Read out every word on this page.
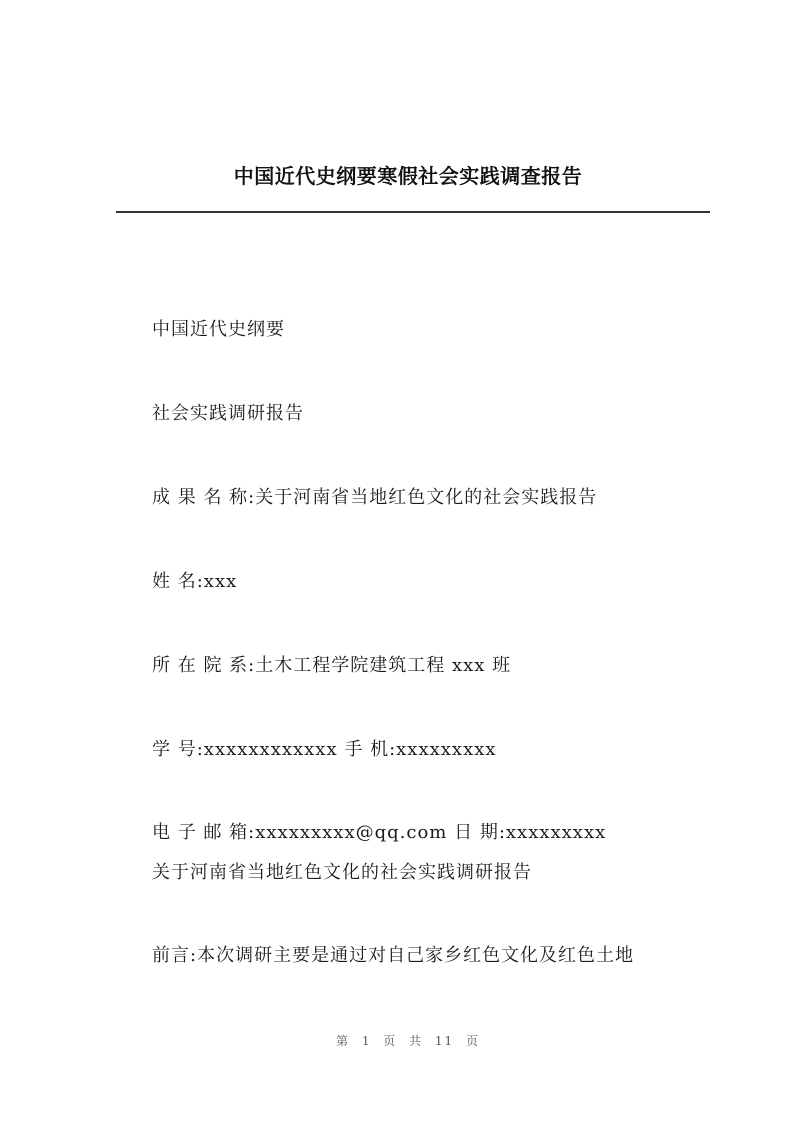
中国近代史纲要寒假社会实践调查报告
中国近代史纲要
社会实践调研报告
成 果 名 称:关于河南省当地红色文化的社会实践报告
姓 名:xxx
所 在 院 系:土木工程学院建筑工程 xxx 班
学 号:xxxxxxxxxxxx 手 机:xxxxxxxxx
电 子 邮 箱:xxxxxxxxx@qq.com 日 期:xxxxxxxxx
关于河南省当地红色文化的社会实践调研报告
前言:本次调研主要是通过对自己家乡红色文化及红色土地
第 1 页 共 11 页
